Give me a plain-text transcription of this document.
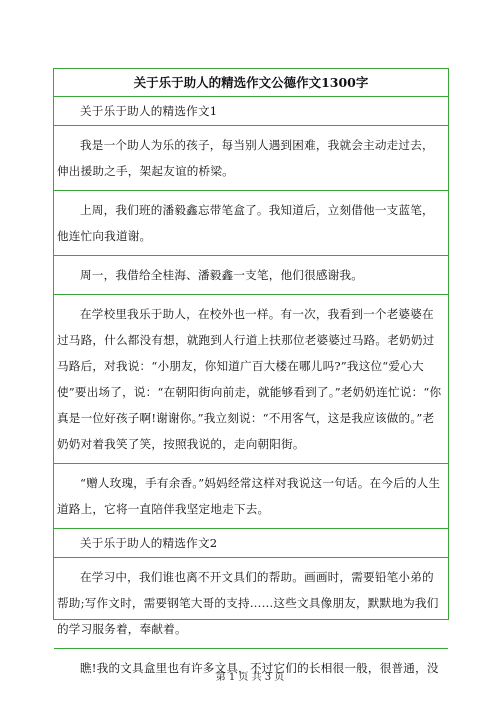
关于乐于助人的精选作文公德作文1300字
关于乐于助人的精选作文1
我是一个助人为乐的孩子，每当别人遇到困难，我就会主动走过去，伸出援助之手，架起友谊的桥梁。
上周，我们班的潘毅鑫忘带笔盒了。我知道后，立刻借他一支蓝笔，他连忙向我道谢。
周一，我借给全桂海、潘毅鑫一支笔，他们很感谢我。
在学校里我乐于助人，在校外也一样。有一次，我看到一个老婆婆在过马路，什么都没有想，就跑到人行道上扶那位老婆婆过马路。老奶奶过马路后，对我说：“小朋友，你知道广百大楼在哪儿吗?”我这位“爱心大使”要出场了，说：“在朝阳街向前走，就能够看到了。”老奶奶连忙说：“你真是一位好孩子啊!谢谢你。”我立刻说：“不用客气，这是我应该做的。”老奶奶对着我笑了笑，按照我说的，走向朝阳街。
“赠人玫瑰，手有余香。”妈妈经常这样对我说这一句话。在今后的人生道路上，它将一直陪伴我坚定地走下去。
关于乐于助人的精选作文2
在学习中，我们谁也离不开文具们的帮助。画画时，需要铅笔小弟的帮助;写作文时，需要钢笔大哥的支持……这些文具像朋友，默默地为我们的学习服务着，奉献着。
瞧!我的文具盒里也有许多文具，不过它们的长相很一般，很普通，没
第 1 页 共 3 页
